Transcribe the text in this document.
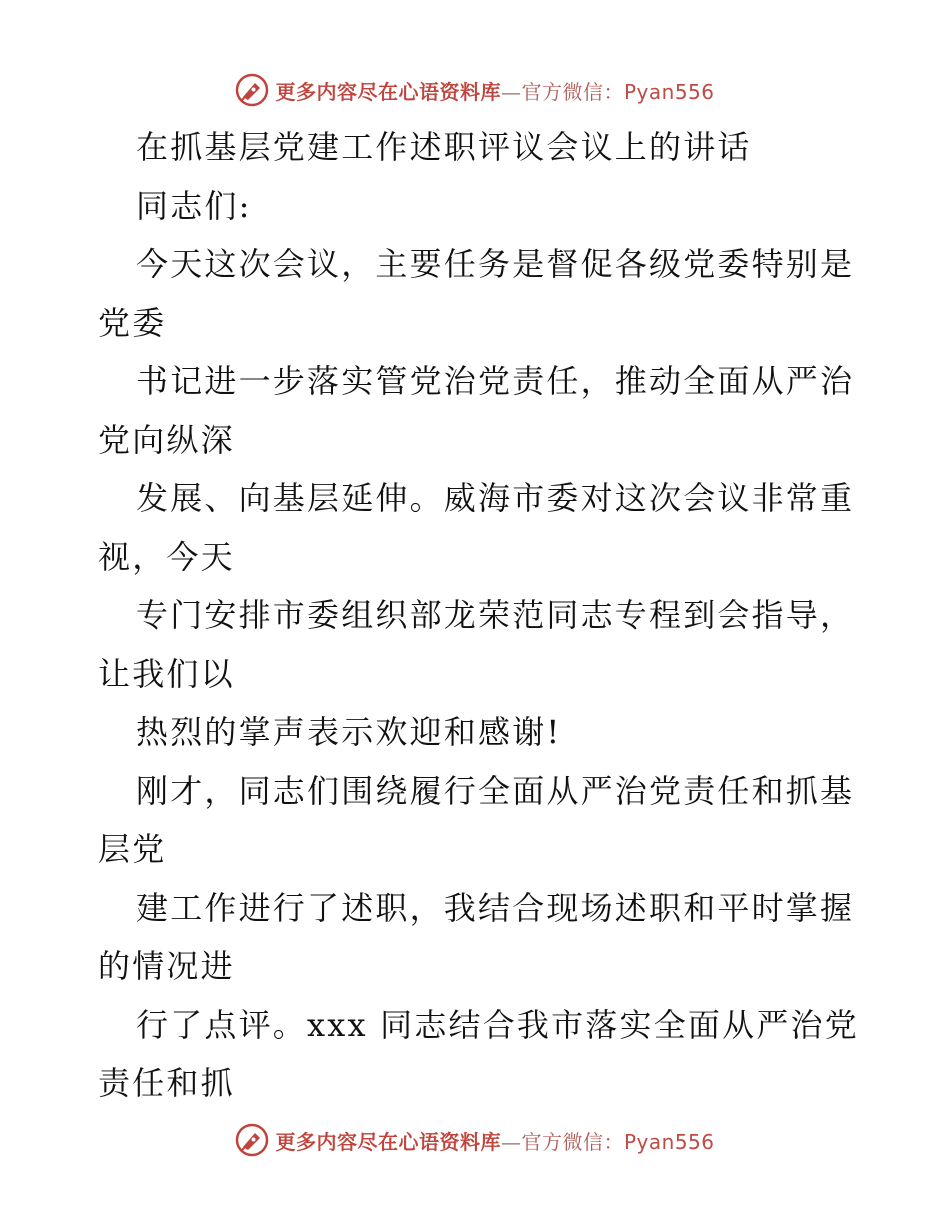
更多内容尽在心语资料库—官方微信：Pyan556
在抓基层党建工作述职评议会议上的讲话
同志们:
今天这次会议，主要任务是督促各级党委特别是
党委
书记进一步落实管党治党责任，推动全面从严治
党向纵深
发展、向基层延伸。威海市委对这次会议非常重
视，今天
专门安排市委组织部龙荣范同志专程到会指导，
让我们以
热烈的掌声表示欢迎和感谢!
刚才，同志们围绕履行全面从严治党责任和抓基
层党
建工作进行了述职，我结合现场述职和平时掌握
的情况进
行了点评。xxx 同志结合我市落实全面从严治党
责任和抓
更多内容尽在心语资料库—官方微信：Pyan556
